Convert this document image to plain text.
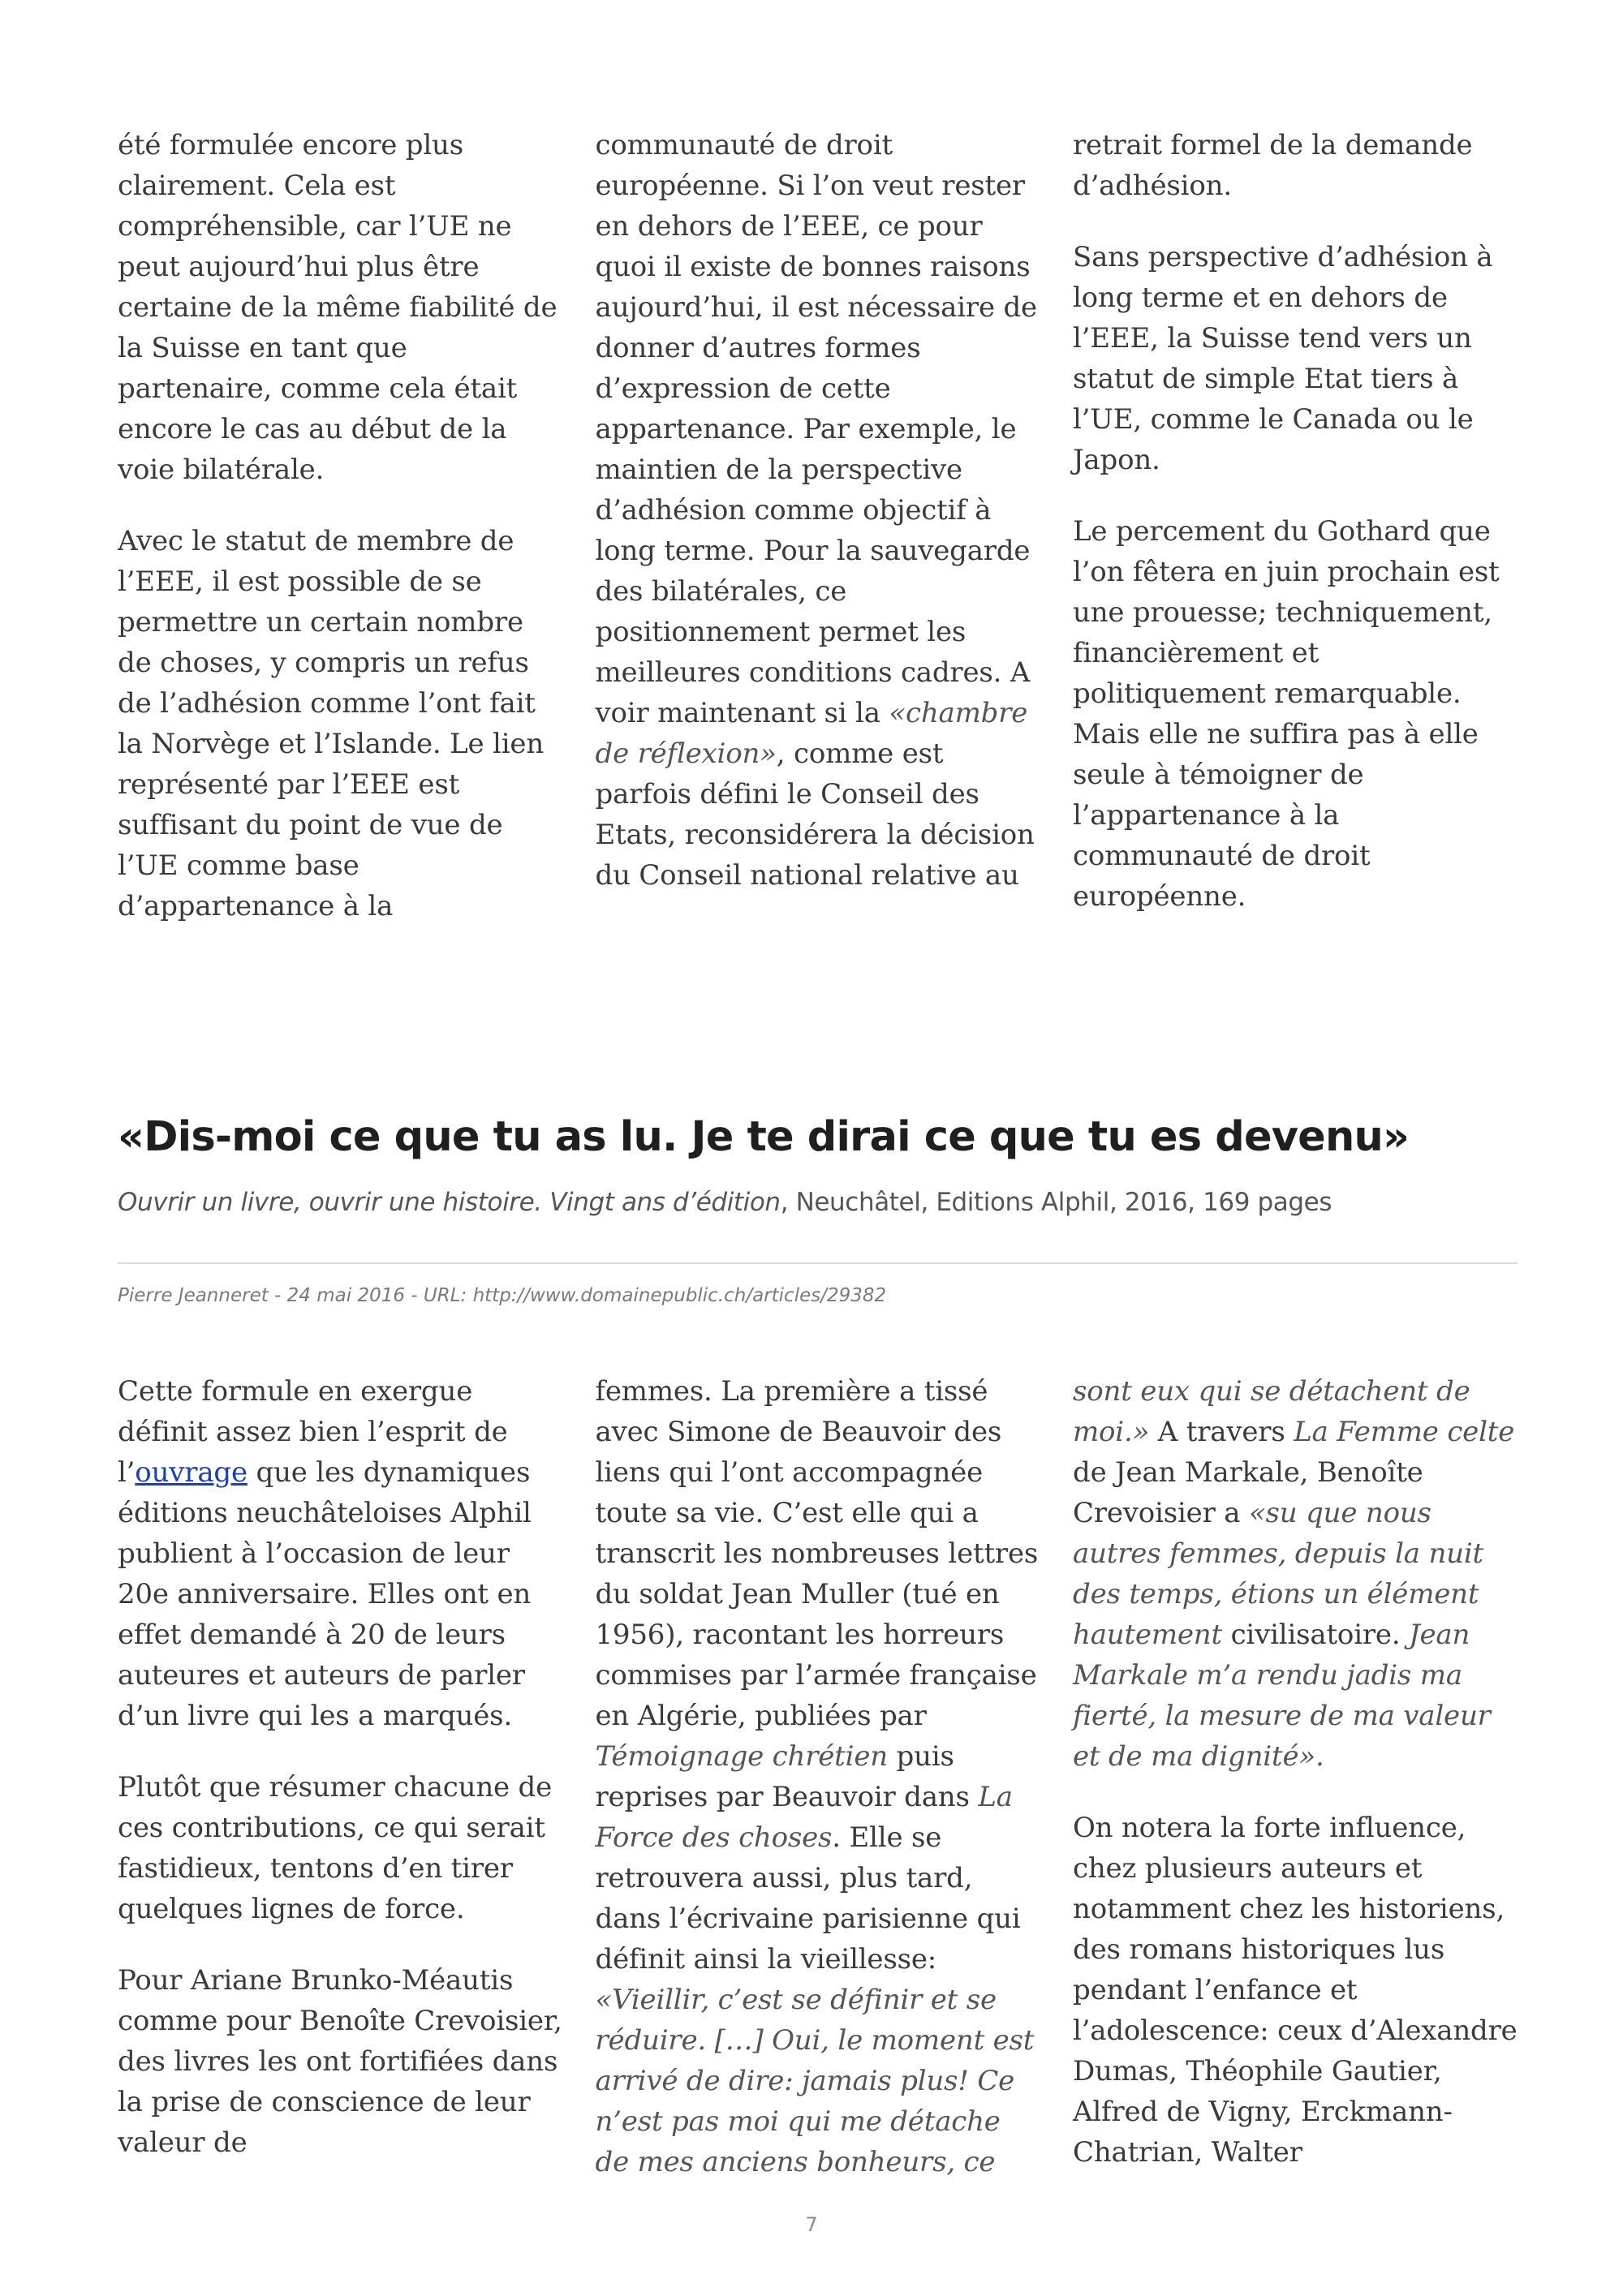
été formulée encore plus clairement. Cela est compréhensible, car l’UE ne peut aujourd’hui plus être certaine de la même fiabilité de la Suisse en tant que partenaire, comme cela était encore le cas au début de la voie bilatérale.

Avec le statut de membre de l’EEE, il est possible de se permettre un certain nombre de choses, y compris un refus de l’adhésion comme l’ont fait la Norvège et l’Islande. Le lien représenté par l’EEE est suffisant du point de vue de l’UE comme base d’appartenance à la

communauté de droit européenne. Si l’on veut rester en dehors de l’EEE, ce pour quoi il existe de bonnes raisons aujourd’hui, il est nécessaire de donner d’autres formes d’expression de cette appartenance. Par exemple, le maintien de la perspective d’adhésion comme objectif à long terme. Pour la sauvegarde des bilatérales, ce positionnement permet les meilleures conditions cadres. A voir maintenant si la «chambre de réflexion», comme est parfois défini le Conseil des Etats, reconsidérera la décision du Conseil national relative au

retrait formel de la demande d’adhésion.

Sans perspective d’adhésion à long terme et en dehors de l’EEE, la Suisse tend vers un statut de simple Etat tiers à l’UE, comme le Canada ou le Japon.

Le percement du Gothard que l’on fêtera en juin prochain est une prouesse; techniquement, financièrement et politiquement remarquable. Mais elle ne suffira pas à elle seule à témoigner de l’appartenance à la communauté de droit européenne.

«Dis-moi ce que tu as lu. Je te dirai ce que tu es devenu»

Ouvrir un livre, ouvrir une histoire. Vingt ans d’édition, Neuchâtel, Editions Alphil, 2016, 169 pages

Pierre Jeanneret - 24 mai 2016 - URL: http://www.domainepublic.ch/articles/29382

Cette formule en exergue définit assez bien l’esprit de l’ouvrage que les dynamiques éditions neuchâteloises Alphil publient à l’occasion de leur 20e anniversaire. Elles ont en effet demandé à 20 de leurs auteures et auteurs de parler d’un livre qui les a marqués.

Plutôt que résumer chacune de ces contributions, ce qui serait fastidieux, tentons d’en tirer quelques lignes de force.

Pour Ariane Brunko-Méautis comme pour Benoîte Crevoisier, des livres les ont fortifiées dans la prise de conscience de leur valeur de

femmes. La première a tissé avec Simone de Beauvoir des liens qui l’ont accompagnée toute sa vie. C’est elle qui a transcrit les nombreuses lettres du soldat Jean Muller (tué en 1956), racontant les horreurs commises par l’armée française en Algérie, publiées par Témoignage chrétien puis reprises par Beauvoir dans La Force des choses. Elle se retrouvera aussi, plus tard, dans l’écrivaine parisienne qui définit ainsi la vieillesse: «Vieillir, c’est se définir et se réduire. […] Oui, le moment est arrivé de dire: jamais plus! Ce n’est pas moi qui me détache de mes anciens bonheurs, ce

sont eux qui se détachent de moi.» A travers La Femme celte de Jean Markale, Benoîte Crevoisier a «su que nous autres femmes, depuis la nuit des temps, étions un élément hautement civilisatoire. Jean Markale m’a rendu jadis ma fierté, la mesure de ma valeur et de ma dignité».

On notera la forte influence, chez plusieurs auteurs et notamment chez les historiens, des romans historiques lus pendant l’enfance et l’adolescence: ceux d’Alexandre Dumas, Théophile Gautier, Alfred de Vigny, Erckmann-Chatrian, Walter

7
